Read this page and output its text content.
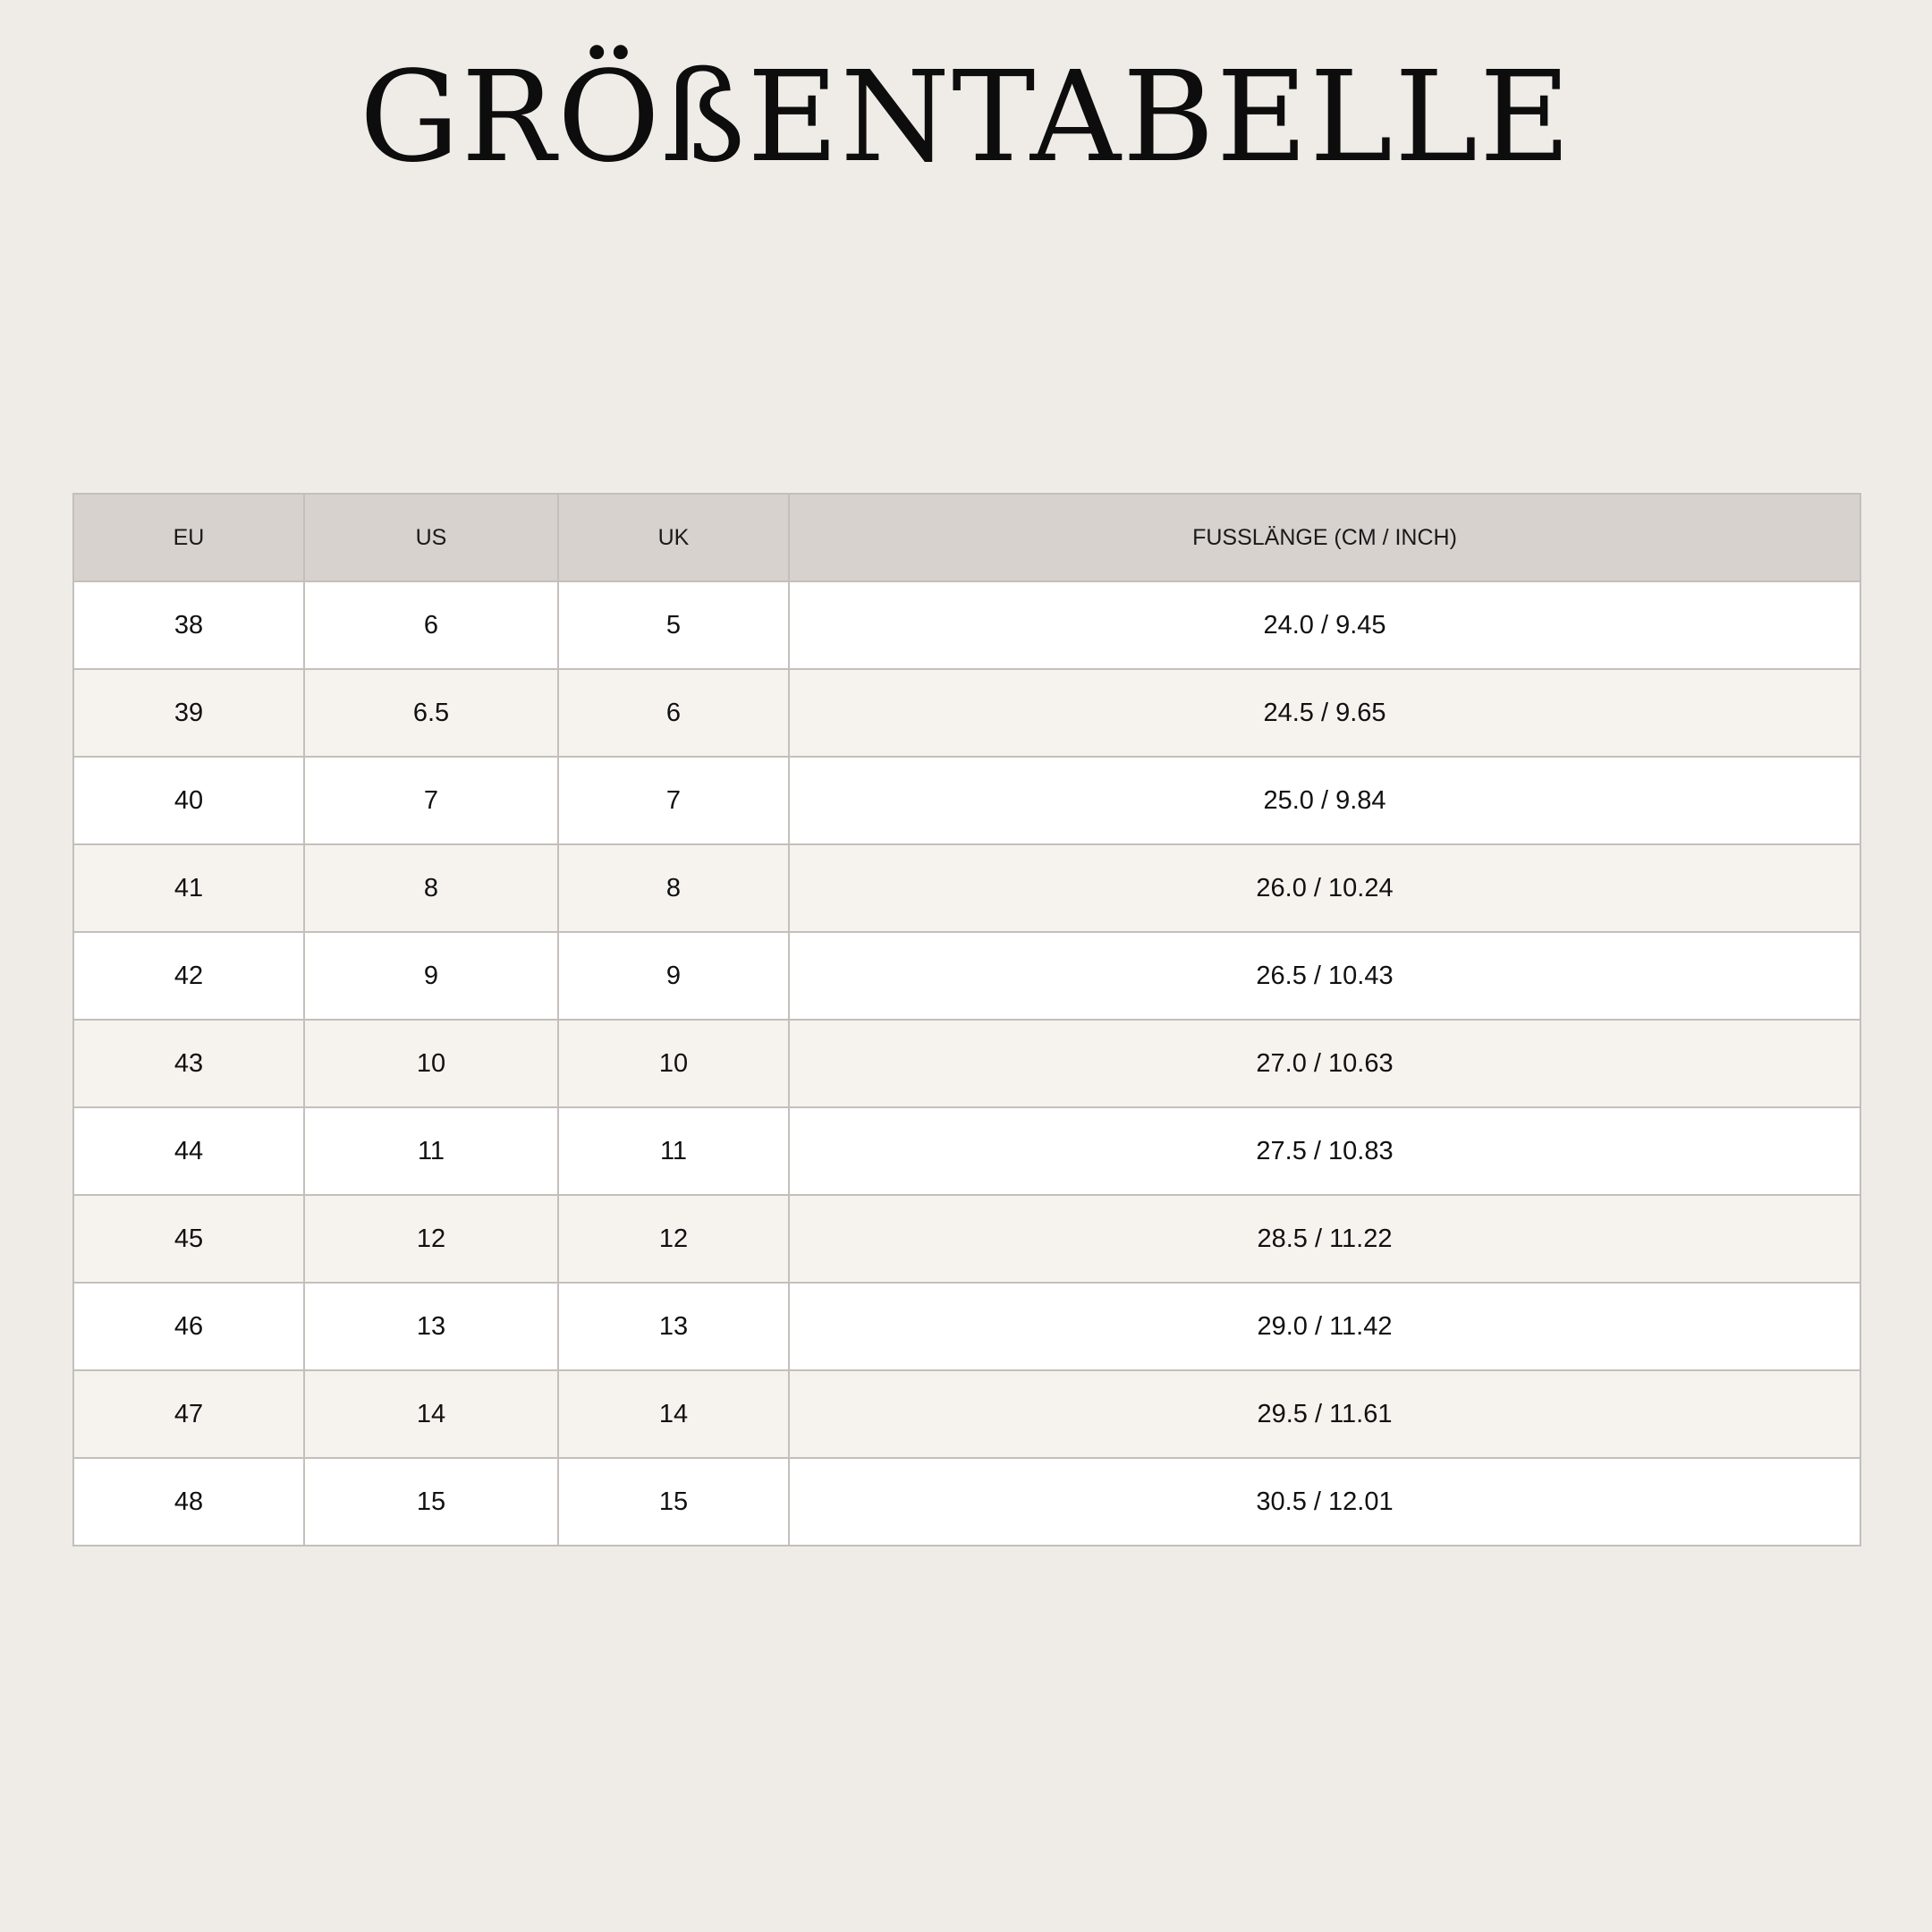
GRÖßENTABELLE
EU	US	UK	FUSSLÄNGE (CM / INCH)
38	6	5	24.0 / 9.45
39	6.5	6	24.5 / 9.65
40	7	7	25.0 / 9.84
41	8	8	26.0 / 10.24
42	9	9	26.5 / 10.43
43	10	10	27.0 / 10.63
44	11	11	27.5 / 10.83
45	12	12	28.5 / 11.22
46	13	13	29.0 / 11.42
47	14	14	29.5 / 11.61
48	15	15	30.5 / 12.01
